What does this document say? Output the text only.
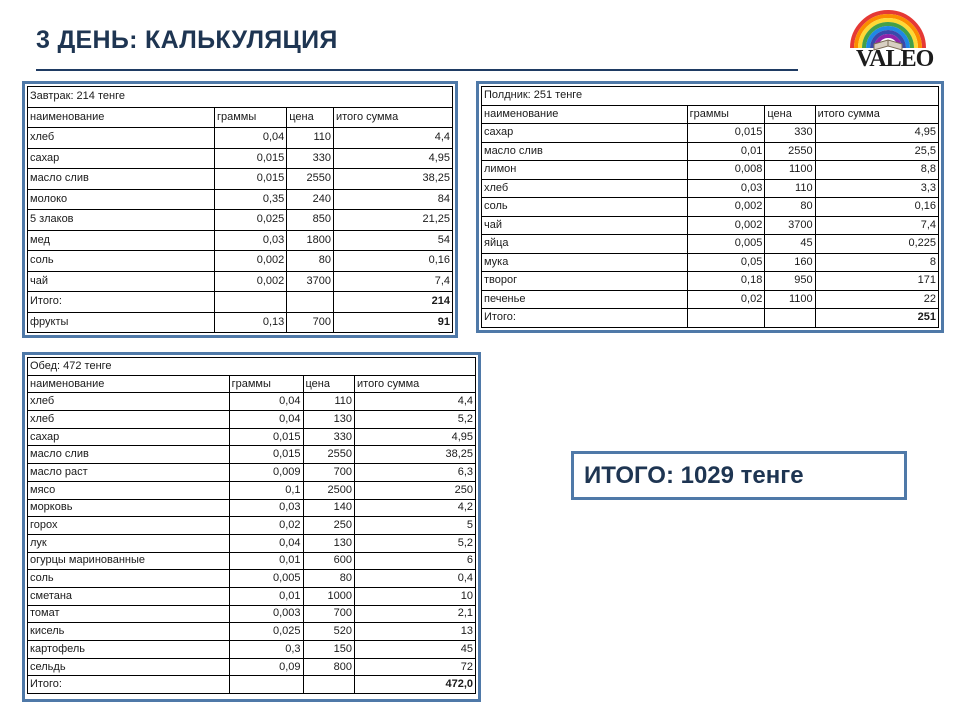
3 ДЕНЬ: КАЛЬКУЛЯЦИЯ
VALEO
Завтрак: 214 тенге			
наименование	граммы	цена	итого сумма
хлеб	0,04	110	4,4
сахар	0,015	330	4,95
масло слив	0,015	2550	38,25
молоко	0,35	240	84
5 злаков	0,025	850	21,25
мед	0,03	1800	54
соль	0,002	80	0,16
чай	0,002	3700	7,4
Итого:			214
фрукты	0,13	700	91
Полдник: 251 тенге			
наименование	граммы	цена	итого сумма
сахар	0,015	330	4,95
масло слив	0,01	2550	25,5
лимон	0,008	1100	8,8
хлеб	0,03	110	3,3
соль	0,002	80	0,16
чай	0,002	3700	7,4
яйца	0,005	45	0,225
мука	0,05	160	8
творог	0,18	950	171
печенье	0,02	1100	22
Итого:			251
Обед: 472 тенге			
наименование	граммы	цена	итого сумма
хлеб	0,04	110	4,4
хлеб	0,04	130	5,2
сахар	0,015	330	4,95
масло слив	0,015	2550	38,25
масло раст	0,009	700	6,3
мясо	0,1	2500	250
морковь	0,03	140	4,2
горох	0,02	250	5
лук	0,04	130	5,2
огурцы маринованные	0,01	600	6
соль	0,005	80	0,4
сметана	0,01	1000	10
томат	0,003	700	2,1
кисель	0,025	520	13
картофель	0,3	150	45
сельдь	0,09	800	72
Итого:			472,0
ИТОГО: 1029 тенге
